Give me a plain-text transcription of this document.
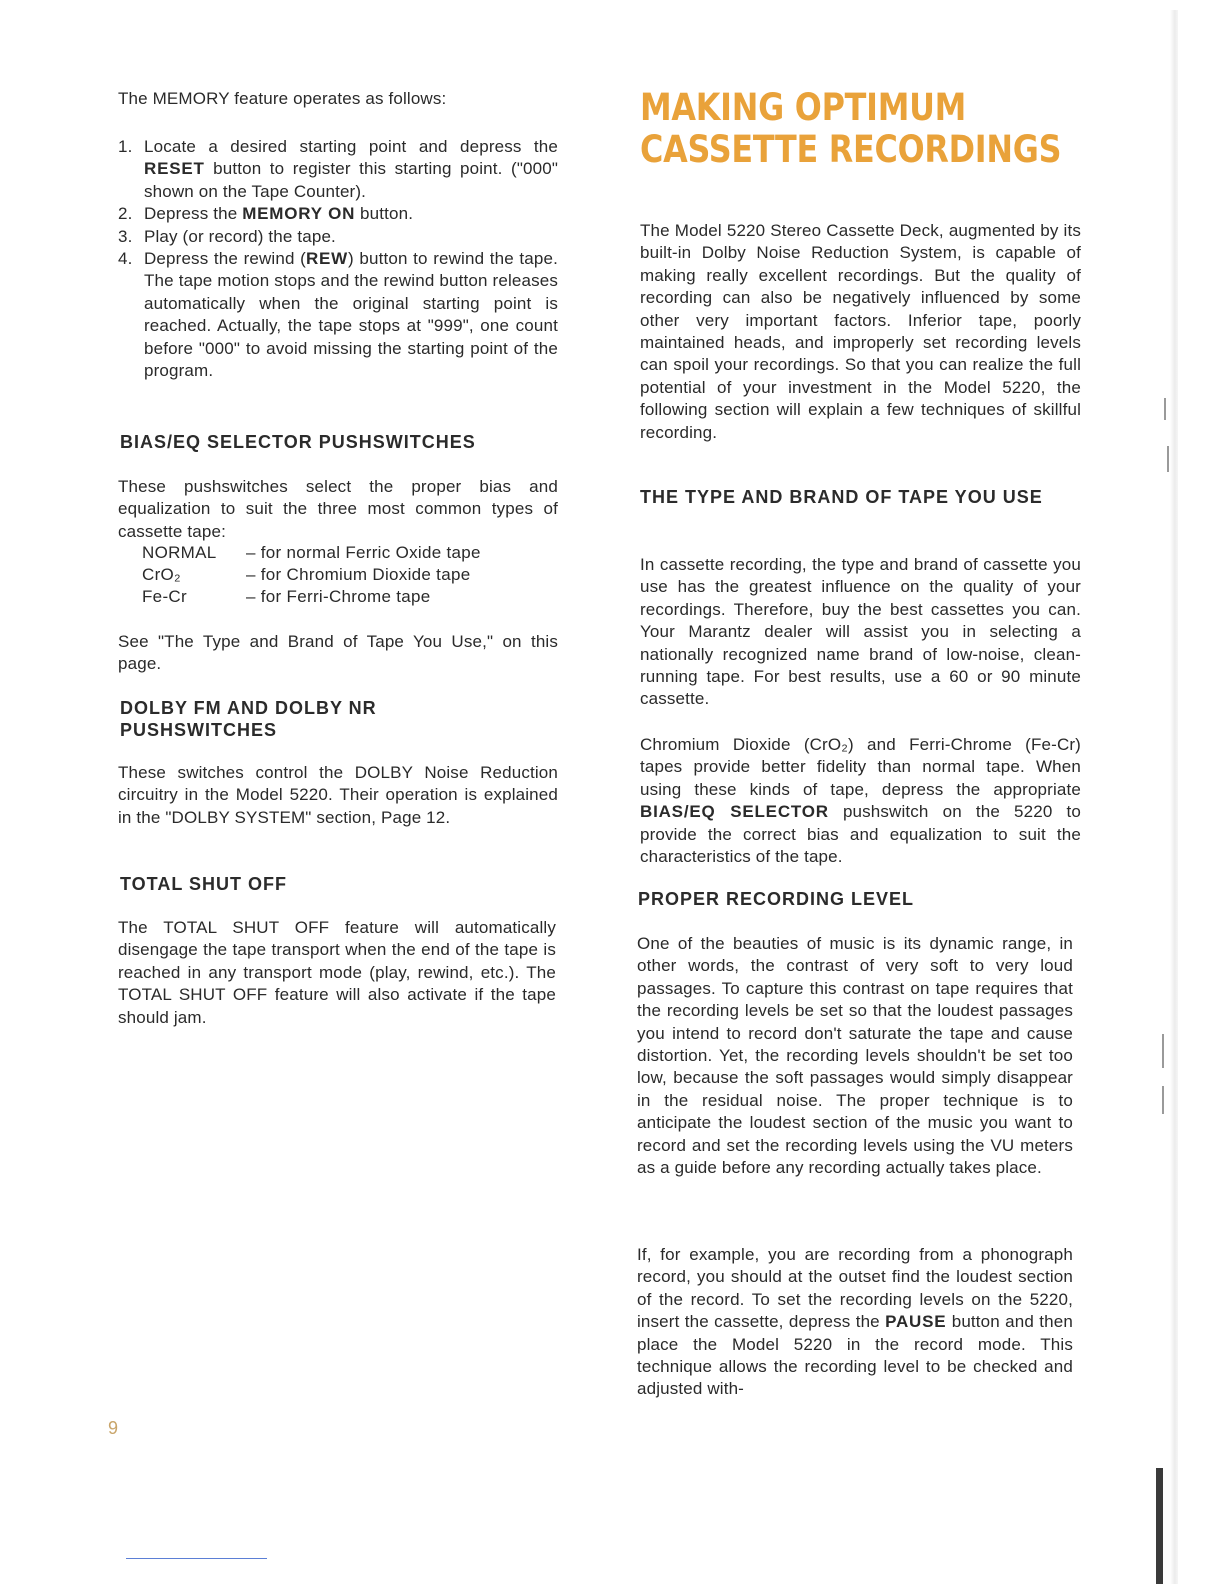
The MEMORY feature operates as follows:

1. Locate a desired starting point and depress the RESET button to register this starting point. ("000" shown on the Tape Counter).
2. Depress the MEMORY ON button.
3. Play (or record) the tape.
4. Depress the rewind (REW) button to rewind the tape. The tape motion stops and the rewind button releases automatically when the original starting point is reached. Actually, the tape stops at "999", one count before "000" to avoid missing the starting point of the program.
BIAS/EQ SELECTOR PUSHSWITCHES

These pushswitches select the proper bias and equalization to suit the three most common types of cassette tape:

NORMAL – for normal Ferric Oxide tape
CrO₂	– for Chromium Dioxide tape
Fe-Cr	– for Ferri-Chrome tape

See "The Type and Brand of Tape You Use," on this page.

DOLBY FM AND DOLBY NR PUSHSWITCHES

These switches control the DOLBY Noise Reduction circuitry in the Model 5220. Their operation is explained in the "DOLBY SYSTEM" section, Page 12.

TOTAL SHUT OFF

The TOTAL SHUT OFF feature will automatically disengage the tape transport when the end of the tape is reached in any transport mode (play, rewind, etc.). The TOTAL SHUT OFF feature will also activate if the tape should jam.

MAKING OPTIMUM
CASSETTE RECORDINGS

The Model 5220 Stereo Cassette Deck, augmented by its built-in Dolby Noise Reduction System, is capable of making really excellent recordings. But the quality of recording can also be negatively influenced by some other very important factors. Inferior tape, poorly maintained heads, and improperly set recording levels can spoil your recordings. So that you can realize the full potential of your investment in the Model 5220, the following section will explain a few techniques of skillful recording.

THE TYPE AND BRAND OF TAPE YOU USE

In cassette recording, the type and brand of cassette you use has the greatest influence on the quality of your recordings. Therefore, buy the best cassettes you can. Your Marantz dealer will assist you in selecting a nationally recognized name brand of low-noise, clean-running tape. For best results, use a 60 or 90 minute cassette.

Chromium Dioxide (CrO₂) and Ferri-Chrome (Fe-Cr) tapes provide better fidelity than normal tape. When using these kinds of tape, depress the appropriate BIAS/EQ SELECTOR pushswitch on the 5220 to provide the correct bias and equalization to suit the characteristics of the tape.

PROPER RECORDING LEVEL

One of the beauties of music is its dynamic range, in other words, the contrast of very soft to very loud passages. To capture this contrast on tape requires that the recording levels be set so that the loudest passages you intend to record don't saturate the tape and cause distortion. Yet, the recording levels shouldn't be set too low, because the soft passages would simply disappear in the residual noise. The proper technique is to anticipate the loudest section of the music you want to record and set the recording levels using the VU meters as a guide before any recording actually takes place.

If, for example, you are recording from a phonograph record, you should at the outset find the loudest section of the record. To set the recording levels on the 5220, insert the cassette, depress the PAUSE button and then place the Model 5220 in the record mode. This technique allows the recording level to be checked and adjusted with-

9
